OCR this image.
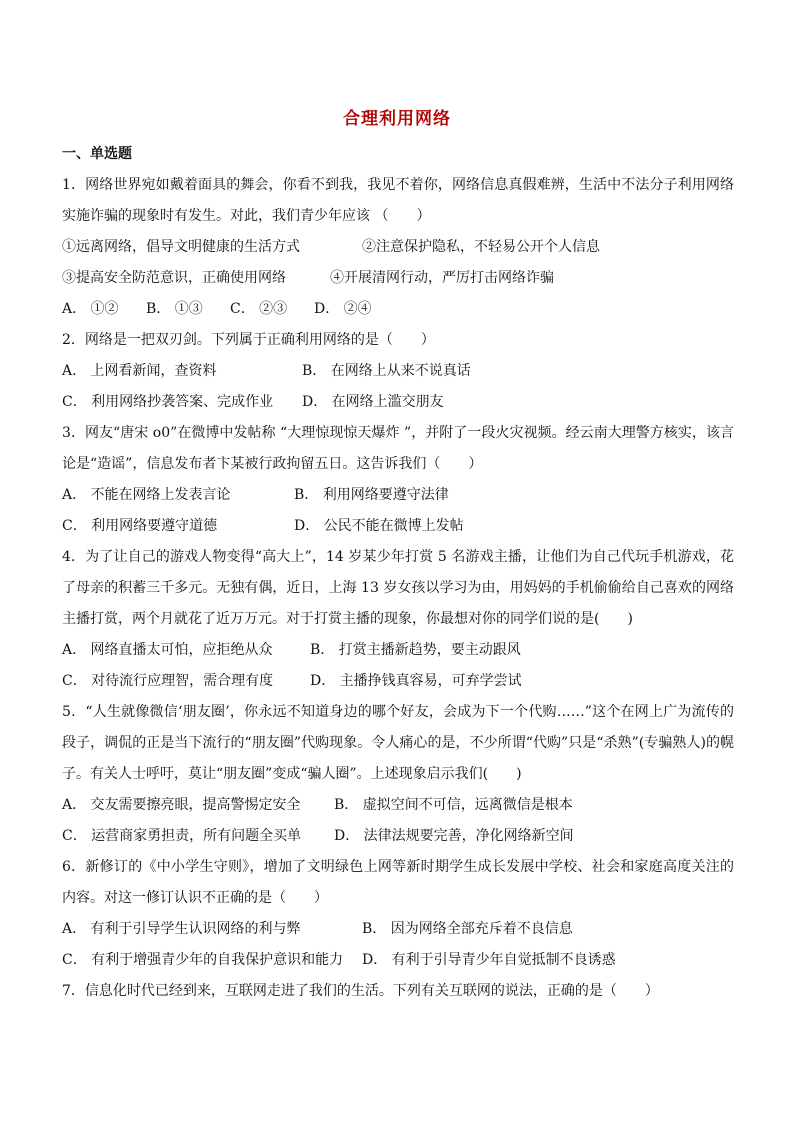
合理利用网络
一、单选题
1．网络世界宛如戴着面具的舞会，你看不到我，我见不着你，网络信息真假难辨，生活中不法分子利用网络实施诈骗的现象时有发生。对此，我们青少年应该 （　　）
①远离网络，倡导文明健康的生活方式	②注意保护隐私，不轻易公开个人信息
③提高安全防范意识，正确使用网络	④开展清网行动，严厉打击网络诈骗
A． ①② B． ①③ C． ②③ D． ②④
2．网络是一把双刃剑。下列属于正确利用网络的是（　　）
A． 上网看新闻，查资料	B． 在网络上从来不说真话
C． 利用网络抄袭答案、完成作业 D． 在网络上滥交朋友
3．网友“唐宋 o0”在微博中发帖称 “大理惊现惊天爆炸 ”，并附了一段火灾视频。经云南大理警方核实，该言论是“造谣”，信息发布者卞某被行政拘留五日。这告诉我们（　　）
A． 不能在网络上发表言论	B． 利用网络要遵守法律
C． 利用网络要遵守道德	D． 公民不能在微博上发帖
4．为了让自己的游戏人物变得“高大上”，14 岁某少年打赏 5 名游戏主播，让他们为自己代玩手机游戏，花了母亲的积蓄三千多元。无独有偶，近日，上海 13 岁女孩以学习为由，用妈妈的手机偷偷给自己喜欢的网络主播打赏，两个月就花了近万万元。对于打赏主播的现象，你最想对你的同学们说的是(　　)
A． 网络直播太可怕，应拒绝从众	B． 打赏主播新趋势，要主动跟风
C． 对待流行应理智，需合理有度	D． 主播挣钱真容易，可弃学尝试
5．“人生就像微信‘朋友圈’，你永远不知道身边的哪个好友，会成为下一个代购……”这个在网上广为流传的段子，调侃的正是当下流行的“朋友圈”代购现象。令人痛心的是，不少所谓“代购”只是“杀熟”(专骗熟人)的幌子。有关人士呼吁，莫让“朋友圈”变成“骗人圈”。上述现象启示我们(　　)
A． 交友需要擦亮眼，提高警惕定安全 B． 虚拟空间不可信，远离微信是根本
C． 运营商家勇担责，所有问题全买单 D． 法律法规要完善，净化网络新空间
6．新修订的《中小学生守则》，增加了文明绿色上网等新时期学生成长发展中学校、社会和家庭高度关注的内容。对这一修订认识不正确的是（　　）
A． 有利于引导学生认识网络的利与弊	B． 因为网络全部充斥着不良信息
C． 有利于增强青少年的自我保护意识和能力 D． 有利于引导青少年自觉抵制不良诱惑
7．信息化时代已经到来，互联网走进了我们的生活。下列有关互联网的说法，正确的是（　　）
